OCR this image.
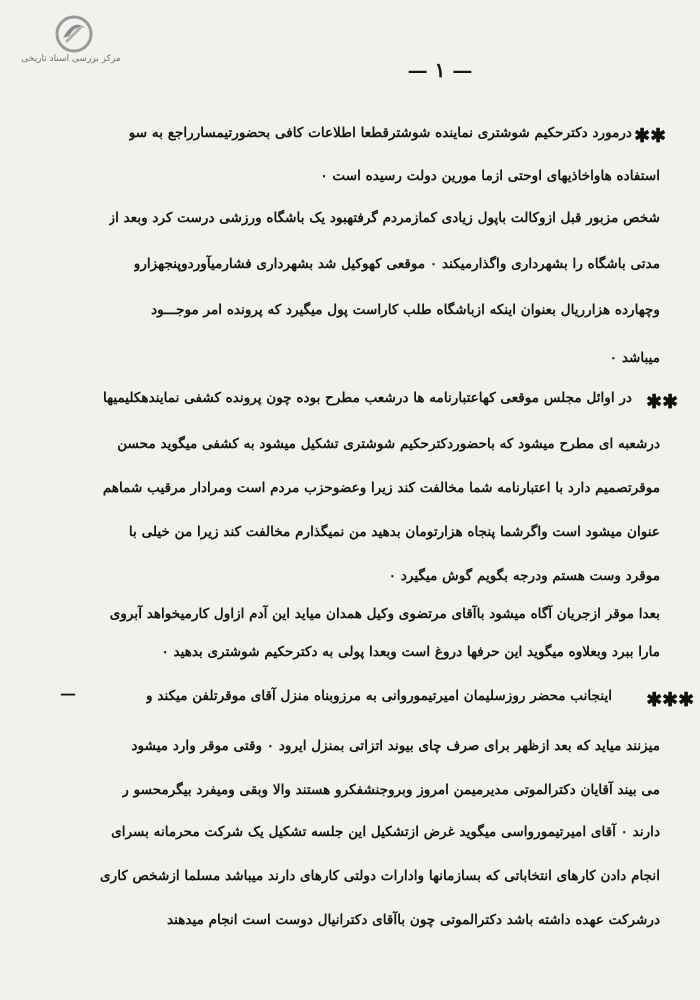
مرکز بررسی اسناد تاریخی	— ۱ —
✱✱
درمورد دکترحکیم شوشتری نماینده شوشترقطعا اطلاعات کافی بحضورتیمسارراجع به سو
استفاده هاواخاذیهای اوحتی ازما مورین دولت رسیده است ۰
شخص مزبور قبل ازوکالت باپول زیادی کمازمردم گرفتهبود یک باشگاه ورزشی درست کرد وبعد از
مدتی باشگاه را بشهرداری واگذارمیکند ۰ موقعی کهوکیل شد بشهرداری فشارمیآوردوپنجهزارو
وچهارده هزارریال بعنوان اینکه ازباشگاه طلب کاراست پول میگیرد که پرونده امر موجـــود
میباشد ۰
✱✱
در اوائل مجلس موقعی کهاعتبارنامه ها درشعب مطرح بوده چون پرونده کشفی نمایندهکلیمیها
درشعبه ای مطرح میشود که باحضوردکترحکیم شوشتری تشکیل میشود به کشفی میگوید محسن
موقرتصمیم دارد با اعتبارنامه شما مخالفت کند زیرا وعضوحزب مردم است ومرادار مرقیب شماهم
عنوان میشود است واگرشما پنجاه هزارتومان بدهید من نمیگذارم مخالفت کند زیرا من خیلی با
موقرد وست هستم ودرجه بگویم گوش میگیرد ۰
بعدا موقر ازجریان آگاه میشود باآقای مرتضوی وکیل همدان میاید این آدم ازاول کارمیخواهد آبروی
مارا ببرد وبعلاوه میگوید این حرفها دروغ است وبعدا پولی به دکترحکیم شوشتری بدهید ۰
✱✱✱
اینجانب محضر روزسلیمان امیرتیموروانی به مرزوبناه منزل آقای موقرتلفن میکند و
—
میزنند میاید که بعد ازظهر برای صرف چای بیوند اتزاتی بمنزل ایرود ۰ وقتی موقر وارد میشود
می بیند آقایان دکترالموتی مدیرمیمن امروز وبروجنشفکرو هستند والا وبقی ومیفرد بیگرمحسو ر
دارند ۰ آقای امیرتیمورواسی میگوید غرض ازتشکیل این جلسه تشکیل یک شرکت محرمانه بسرای
انجام دادن کارهای انتخاباتی که بسازمانها وادارات دولتی کارهای دارند میباشد مسلما ازشخص کاری
درشرکت عهده داشته باشد دکترالموتی چون باآقای دکترانیال دوست است انجام میدهند
